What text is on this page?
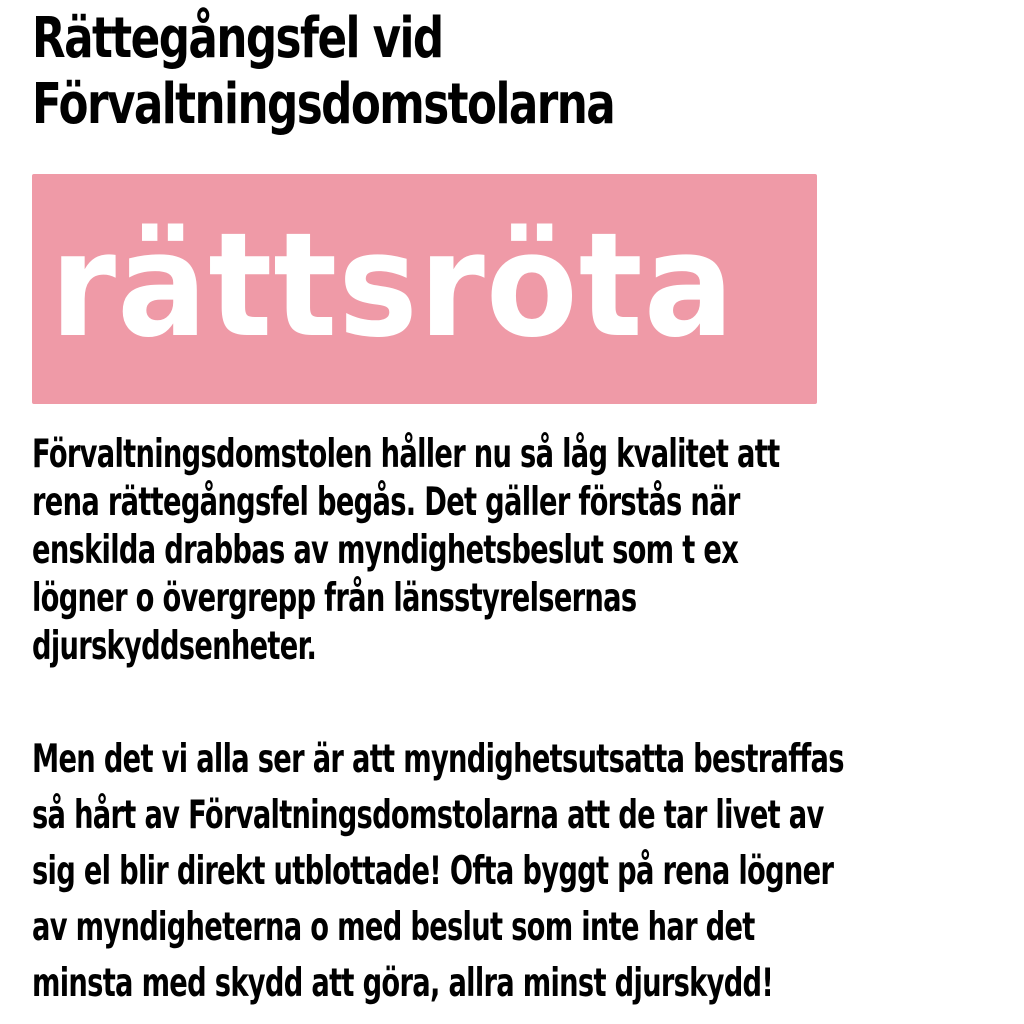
Rättegångsfel vid
Förvaltningsdomstolarna
rättsröta

Förvaltningsdomstolen håller nu så låg kvalitet att
rena rättegångsfel begås. Det gäller förstås när
enskilda drabbas av myndighetsbeslut som t ex
lögner o övergrepp från länsstyrelsernas
djurskyddsenheter.

Men det vi alla ser är att myndighetsutsatta bestraffas
så hårt av Förvaltningsdomstolarna att de tar livet av
sig el blir direkt utblottade! Ofta byggt på rena lögner
av myndigheterna o med beslut som inte har det
minsta med skydd att göra, allra minst djurskydd!
